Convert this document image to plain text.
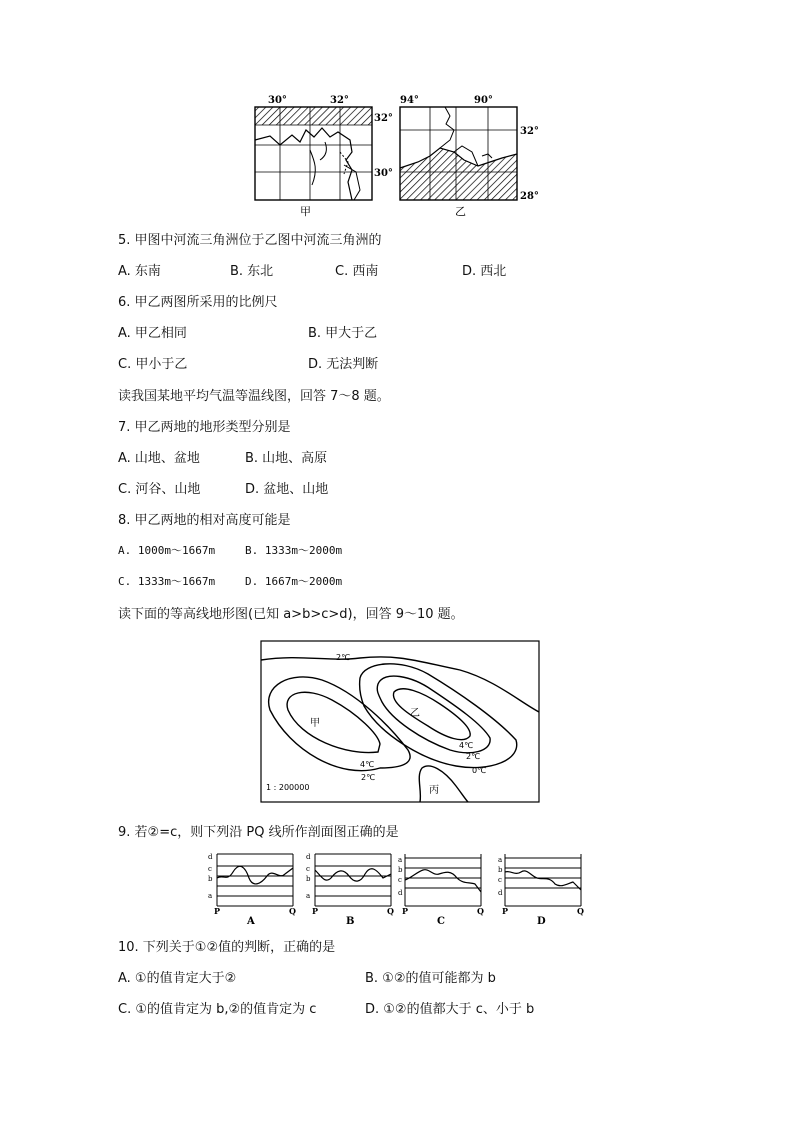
30°	32°
32°
30°
甲
94°	90°
32°
28°
乙
5. 甲图中河流三角洲位于乙图中河流三角洲的
A. 东南	B. 东北	C. 西南	D. 西北
6. 甲乙两图所采用的比例尺
A. 甲乙相同	B. 甲大于乙
C. 甲小于乙	D. 无法判断
读我国某地平均气温等温线图，回答 7～8 题。
7. 甲乙两地的地形类型分别是
A. 山地、盆地	B. 山地、高原
C. 河谷、山地	D. 盆地、山地
8. 甲乙两地的相对高度可能是
A. 1000m～1667m	B. 1333m～2000m
C. 1333m～1667m	D. 1667m～2000m
读下面的等高线地形图(已知 a>b>c>d)，回答 9～10 题。
2℃
4℃
2℃
4℃
2℃
0℃
甲
乙
丙
1 : 200000
9. 若②=c，则下列沿 PQ 线所作剖面图正确的是
d
c
b
a
P	Q
A
d
c
b
a
P	Q
B
a
b
c
d
P	Q
C
a
b
c
d
P	Q
D
10. 下列关于①②值的判断，正确的是
A. ①的值肯定大于②	B. ①②的值可能都为 b
C. ①的值肯定为 b,②的值肯定为 c	D. ①②的值都大于 c、小于 b
